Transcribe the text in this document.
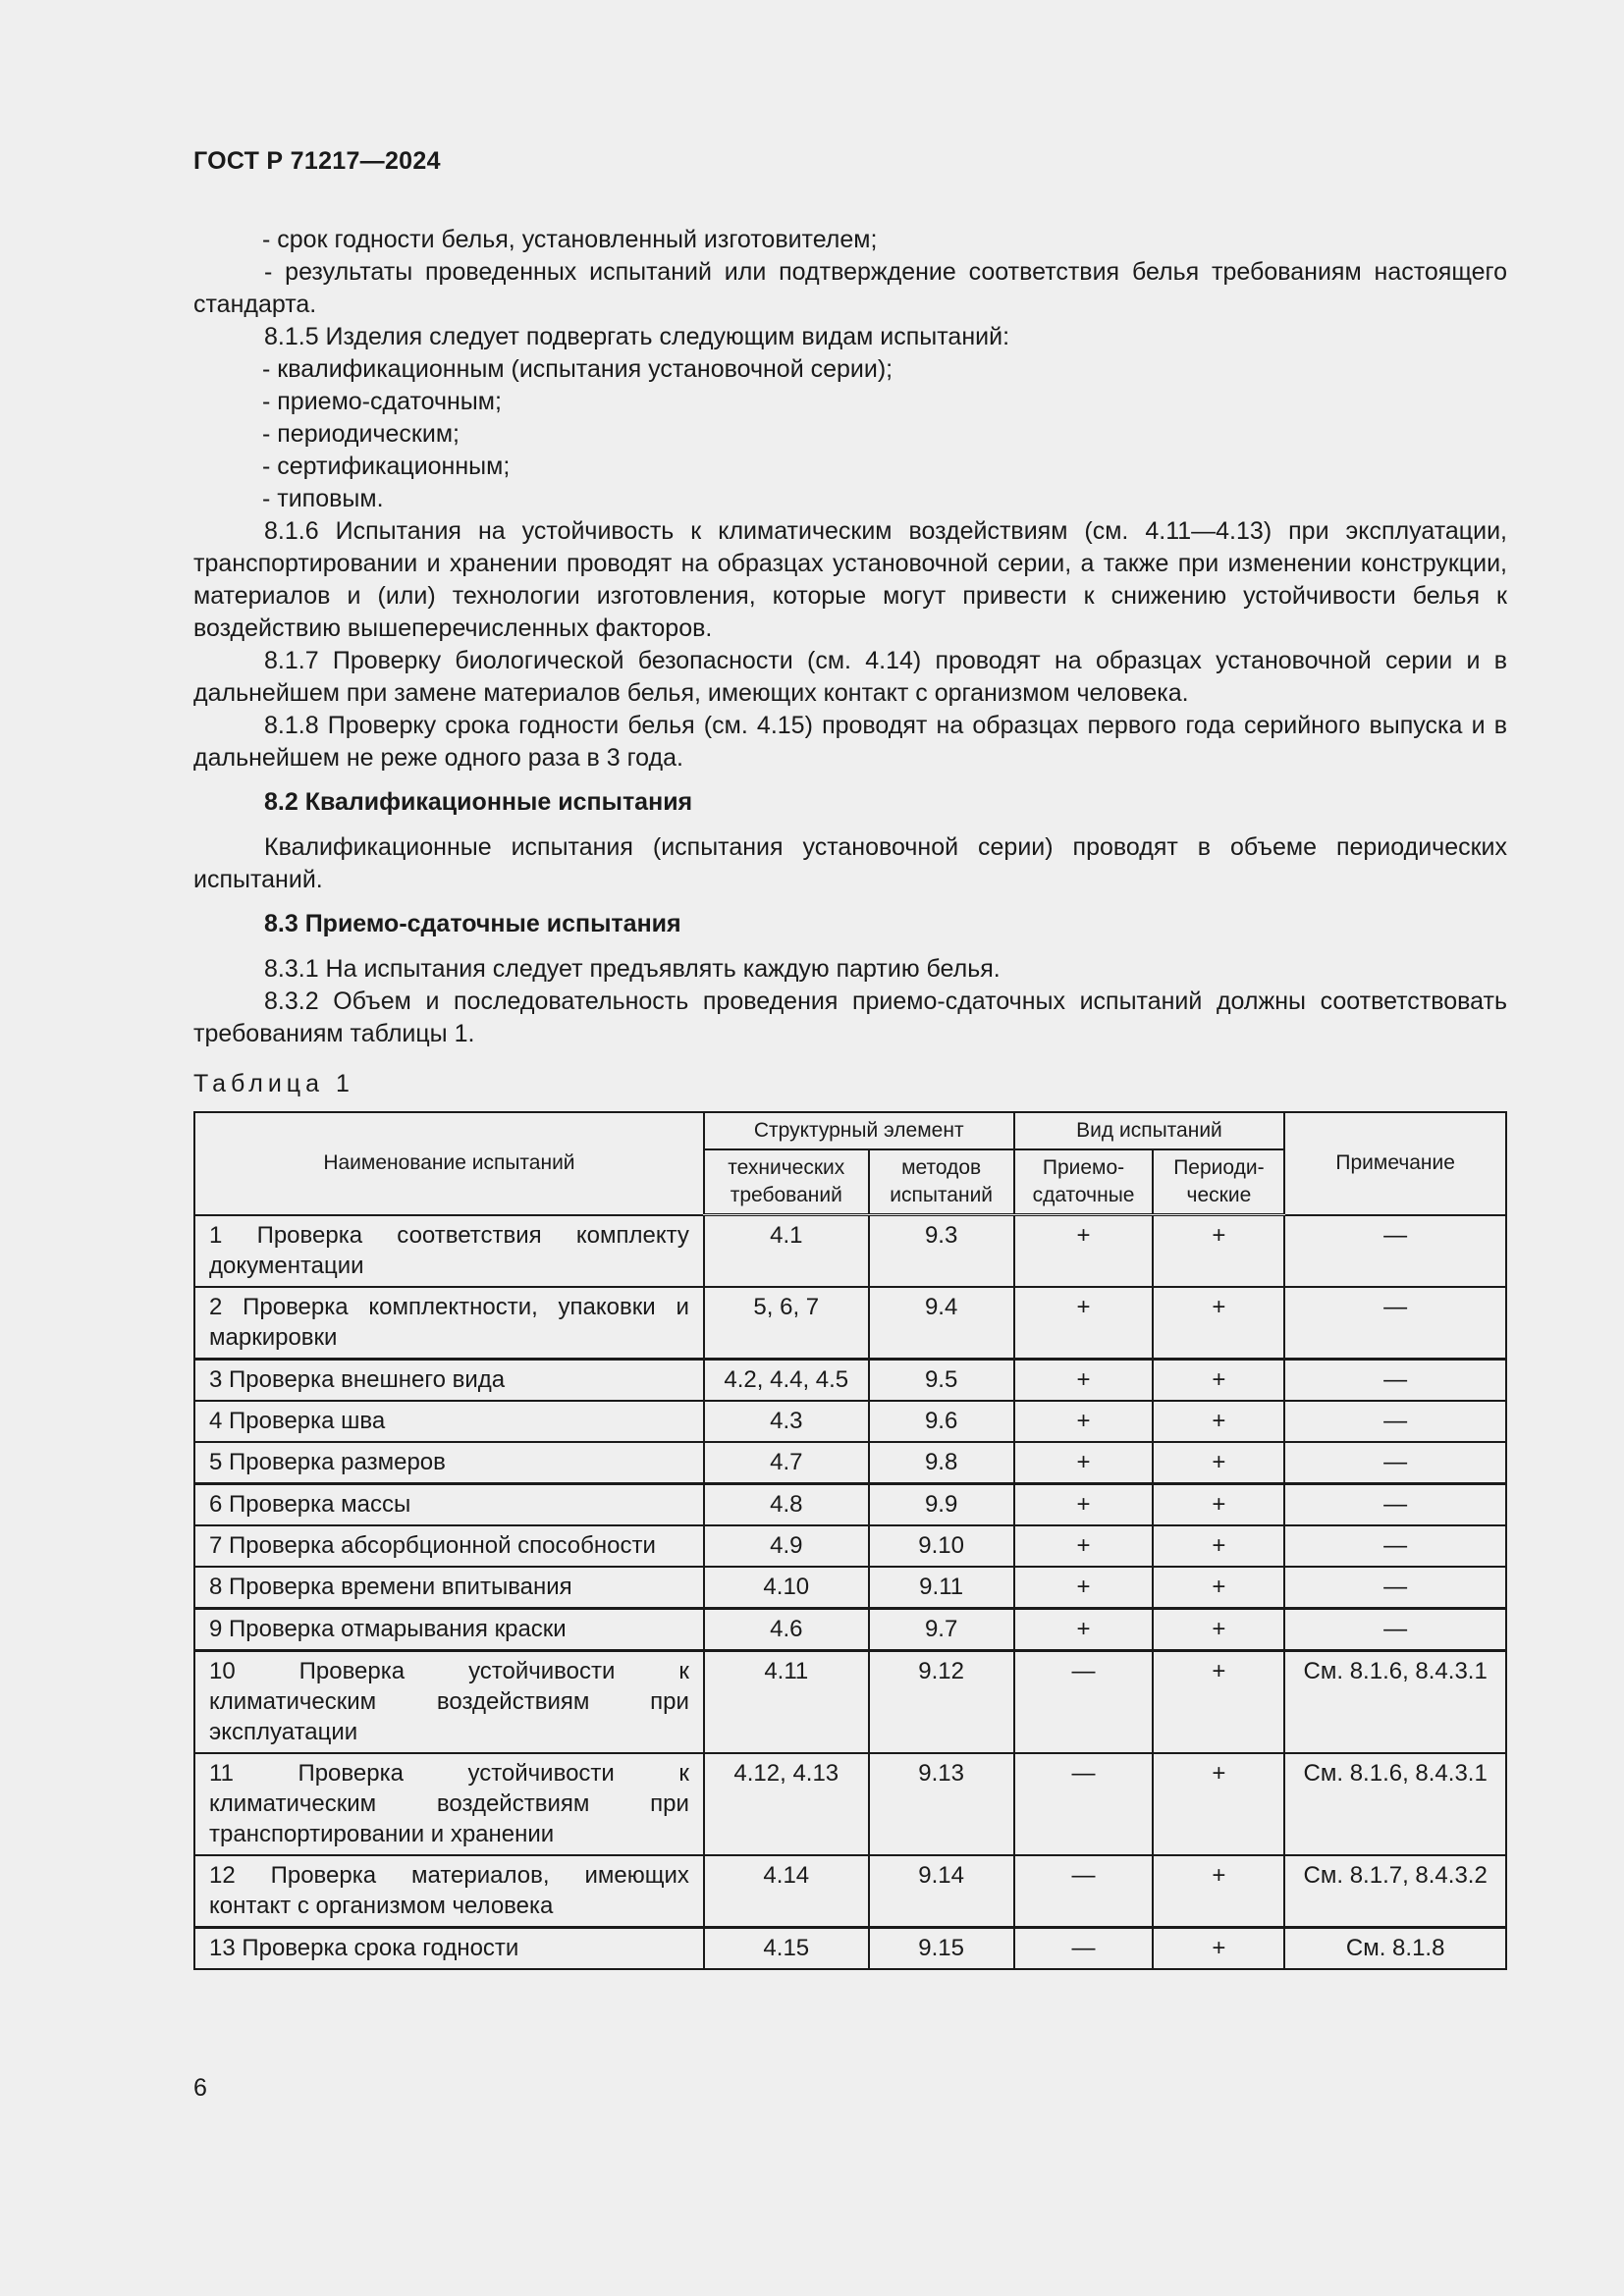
ГОСТ Р 71217—2024

- срок годности белья, установленный изготовителем;

- результаты проведенных испытаний или подтверждение соответствия белья требованиям настоящего стандарта.

8.1.5 Изделия следует подвергать следующим видам испытаний:

- квалификационным (испытания установочной серии);

- приемо-сдаточным;

- периодическим;

- сертификационным;

- типовым.

8.1.6 Испытания на устойчивость к климатическим воздействиям (см. 4.11—4.13) при эксплуатации, транспортировании и хранении проводят на образцах установочной серии, а также при изменении конструкции, материалов и (или) технологии изготовления, которые могут привести к снижению устойчивости белья к воздействию вышеперечисленных факторов.

8.1.7 Проверку биологической безопасности (см. 4.14) проводят на образцах установочной серии и в дальнейшем при замене материалов белья, имеющих контакт с организмом человека.

8.1.8 Проверку срока годности белья (см. 4.15) проводят на образцах первого года серийного выпуска и в дальнейшем не реже одного раза в 3 года.

8.2 Квалификационные испытания

Квалификационные испытания (испытания установочной серии) проводят в объеме периодических испытаний.

8.3 Приемо-сдаточные испытания

8.3.1 На испытания следует предъявлять каждую партию белья.

8.3.2 Объем и последовательность проведения приемо-сдаточных испытаний должны соответствовать требованиям таблицы 1.

Таблица 1

Наименование испытаний	Структурный элемент		Вид испытаний		Примечание
	технических требований	методов испытаний	Приемо-сдаточные	Периоди-ческие	
1 Проверка соответствия комплекту документации	4.1	9.3	+	+	—
2 Проверка комплектности, упаковки и маркировки	5, 6, 7	9.4	+	+	—
3 Проверка внешнего вида	4.2, 4.4, 4.5	9.5	+	+	—
4 Проверка шва	4.3	9.6	+	+	—
5 Проверка размеров	4.7	9.8	+	+	—
6 Проверка массы	4.8	9.9	+	+	—
7 Проверка абсорбционной способности	4.9	9.10	+	+	—
8 Проверка времени впитывания	4.10	9.11	+	+	—
9 Проверка отмарывания краски	4.6	9.7	+	+	—
10 Проверка устойчивости к климатическим воздействиям при эксплуатации	4.11	9.12	—	+	См. 8.1.6, 8.4.3.1
11 Проверка устойчивости к климатическим воздействиям при транспортировании и хранении	4.12, 4.13	9.13	—	+	См. 8.1.6, 8.4.3.1
12 Проверка материалов, имеющих контакт с организмом человека	4.14	9.14	—	+	См. 8.1.7, 8.4.3.2
13 Проверка срока годности	4.15	9.15	—	+	См. 8.1.8
6
